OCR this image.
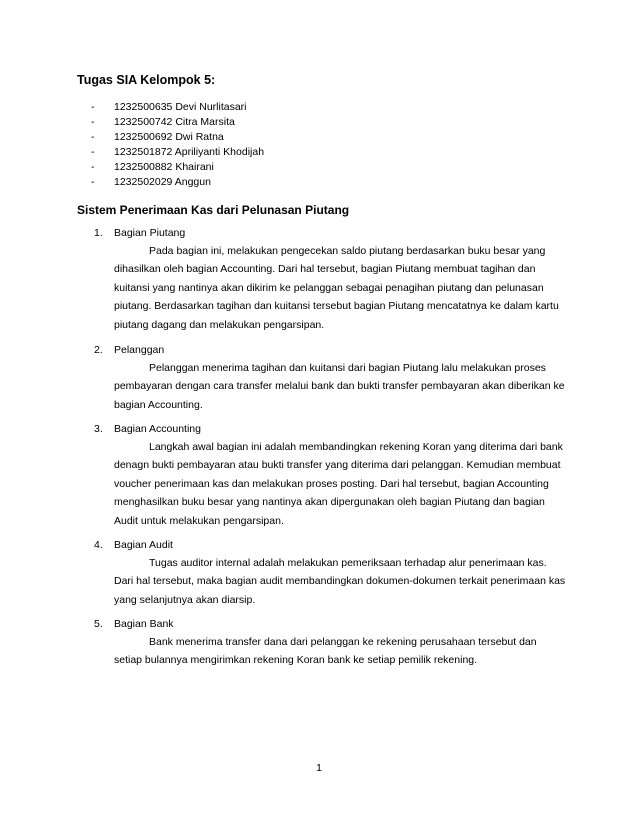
Tugas SIA Kelompok 5:
- 1232500635 Devi Nurlitasari
- 1232500742 Citra Marsita
- 1232500692 Dwi Ratna
- 1232501872 Apriliyanti Khodijah
- 1232500882 Khairani
- 1232502029 Anggun
Sistem Penerimaan Kas dari Pelunasan Piutang
1. Bagian Piutang

Pada bagian ini, melakukan pengecekan saldo piutang berdasarkan buku besar yang dihasilkan oleh bagian Accounting. Dari hal tersebut, bagian Piutang membuat tagihan dan kuitansi yang nantinya akan dikirim ke pelanggan sebagai penagihan piutang dan pelunasan piutang. Berdasarkan tagihan dan kuitansi tersebut bagian Piutang mencatatnya ke dalam kartu piutang dagang dan melakukan pengarsipan.

2. Pelanggan

Pelanggan menerima tagihan dan kuitansi dari bagian Piutang lalu melakukan proses pembayaran dengan cara transfer melalui bank dan bukti transfer pembayaran akan diberikan ke bagian Accounting.

3. Bagian Accounting

Langkah awal bagian ini adalah membandingkan rekening Koran yang diterima dari bank denagn bukti pembayaran atau bukti transfer yang diterima dari pelanggan. Kemudian membuat voucher penerimaan kas dan melakukan proses posting. Dari hal tersebut, bagian Accounting menghasilkan buku besar yang nantinya akan dipergunakan oleh bagian Piutang dan bagian Audit untuk melakukan pengarsipan.

4. Bagian Audit

Tugas auditor internal adalah melakukan pemeriksaan terhadap alur penerimaan kas. Dari hal tersebut, maka bagian audit membandingkan dokumen-dokumen terkait penerimaan kas yang selanjutnya akan diarsip.

5. Bagian Bank

Bank menerima transfer dana dari pelanggan ke rekening perusahaan tersebut dan setiap bulannya mengirimkan rekening Koran bank ke setiap pemilik rekening.

1
